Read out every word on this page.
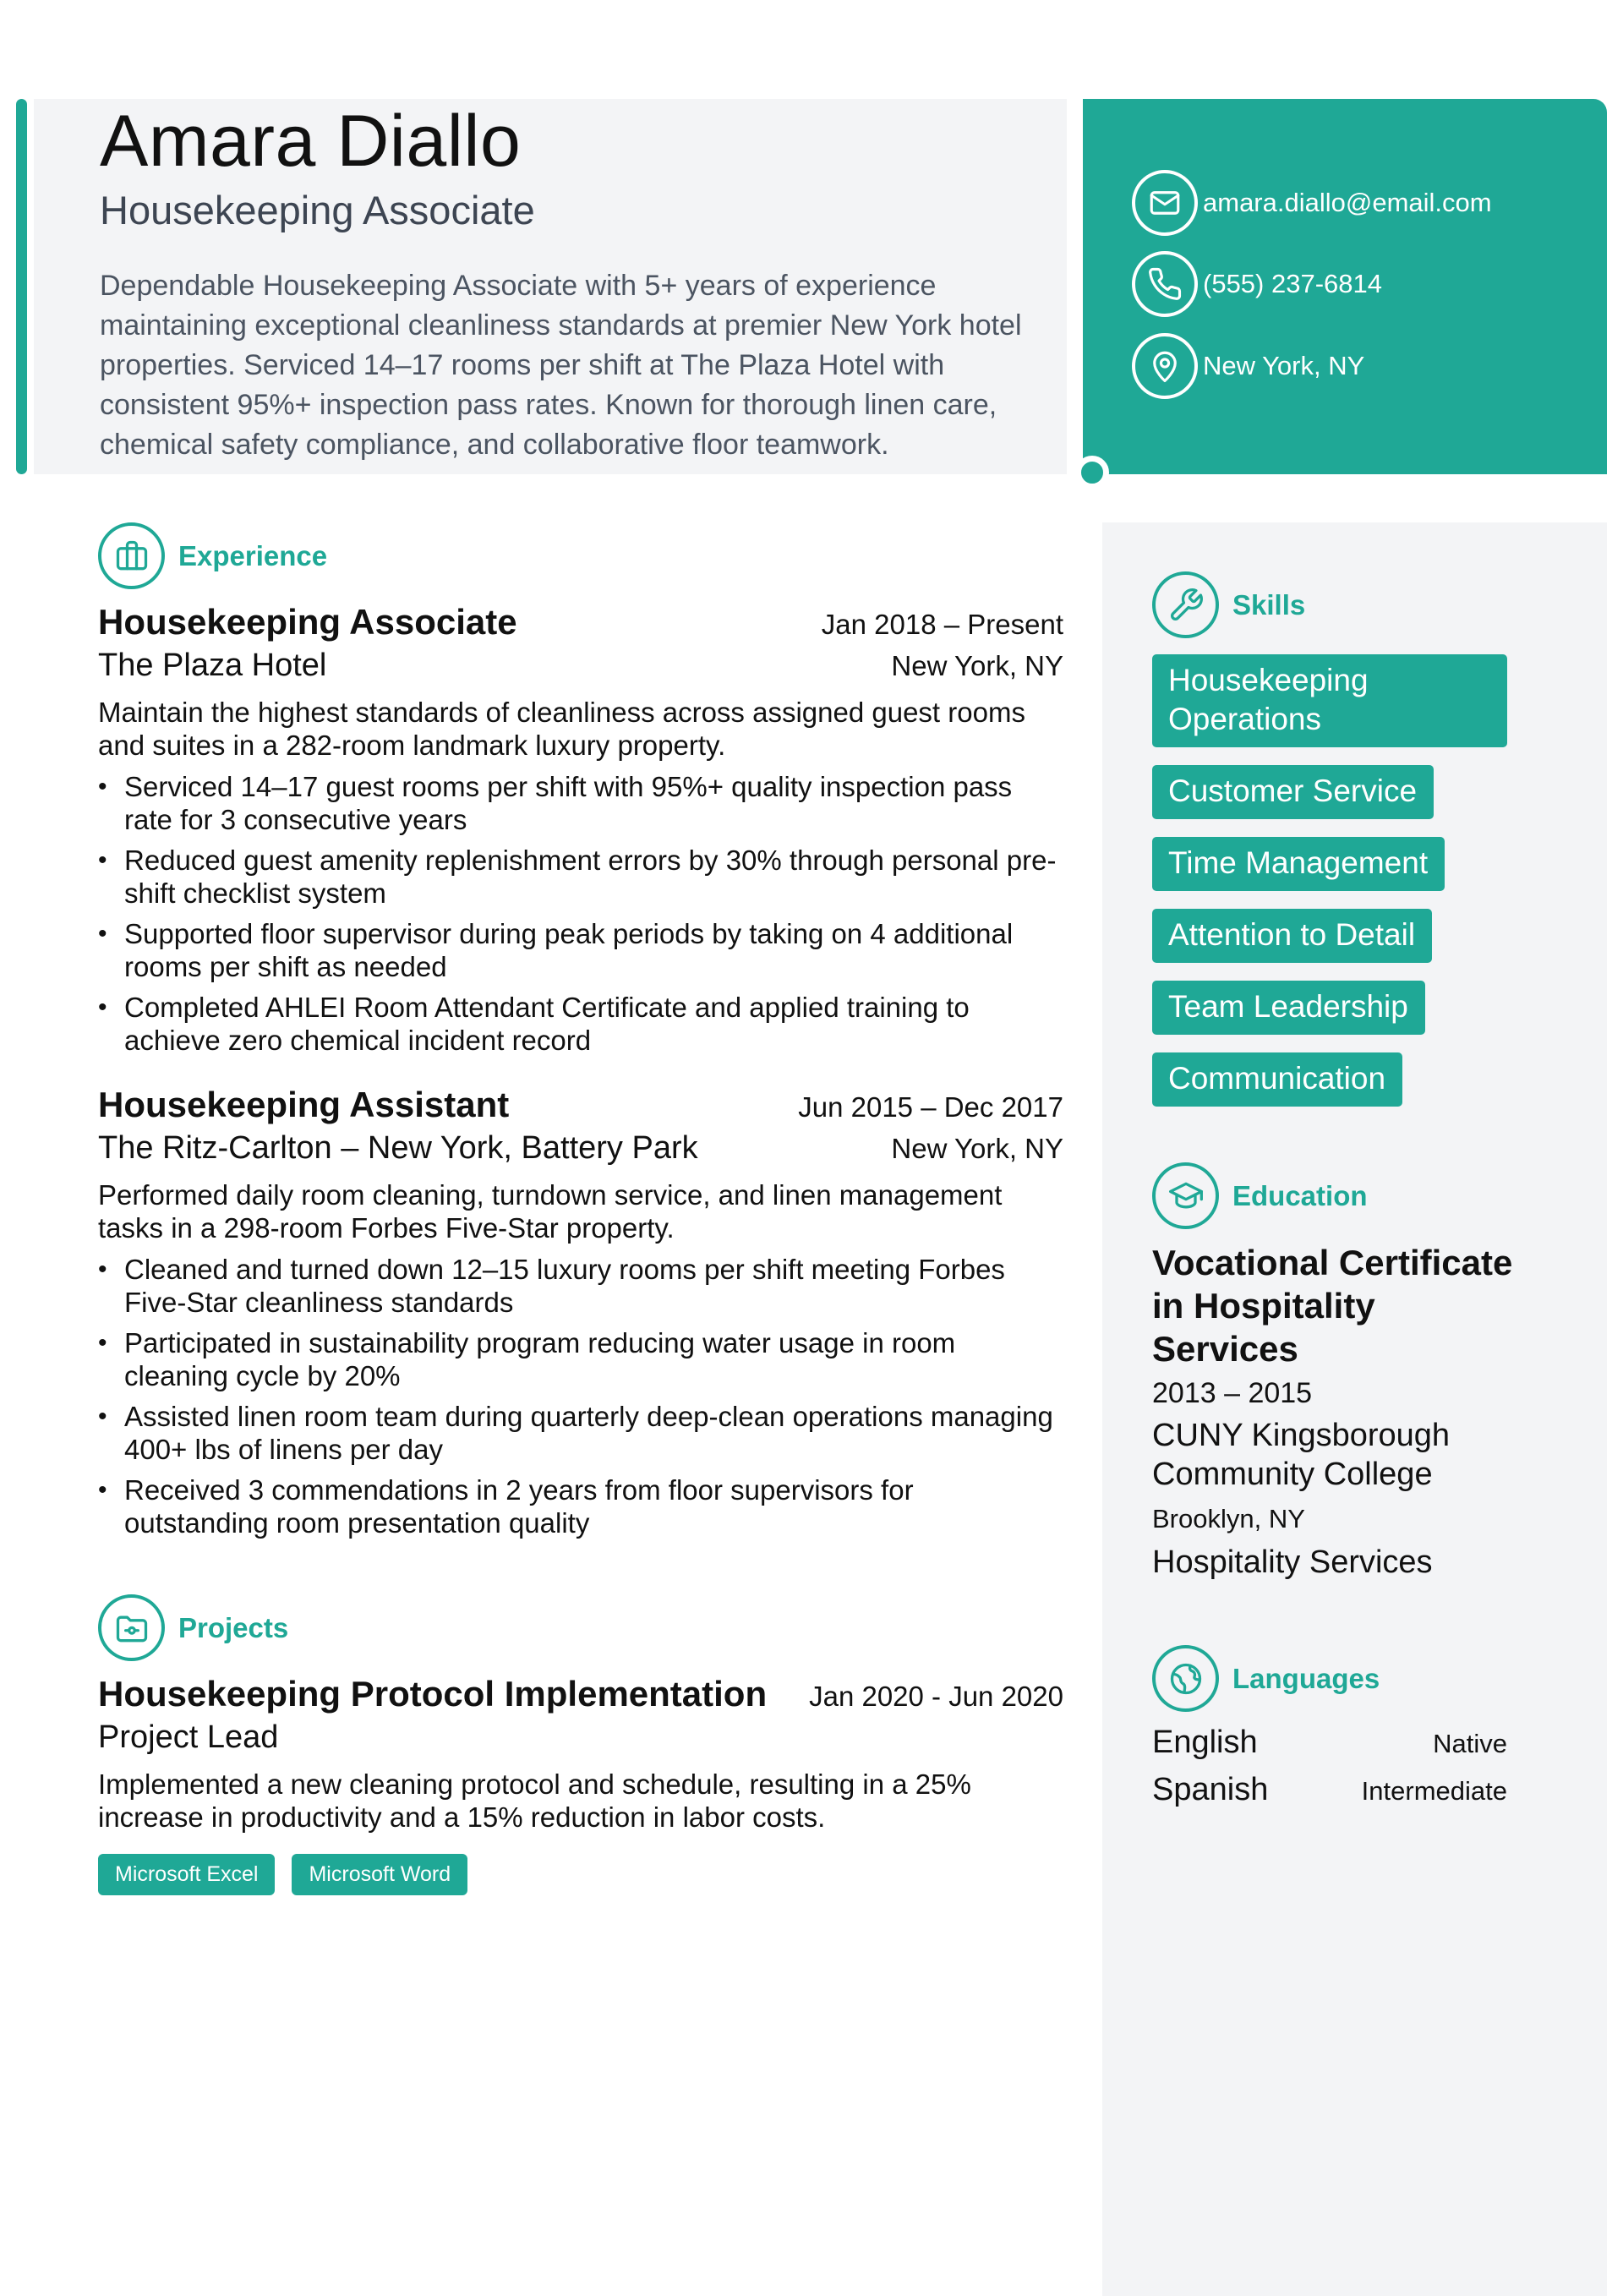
Amara Diallo
Housekeeping Associate

Dependable Housekeeping Associate with 5+ years of experience maintaining exceptional cleanliness standards at premier New York hotel properties. Serviced 14–17 rooms per shift at The Plaza Hotel with consistent 95%+ inspection pass rates. Known for thorough linen care, chemical safety compliance, and collaborative floor teamwork.

amara.diallo@email.com
(555) 237-6814
New York, NY
Experience
Housekeeping Associate	Jan 2018 – Present
The Plaza Hotel	New York, NY

Maintain the highest standards of cleanliness across assigned guest rooms and suites in a 282-room landmark luxury property.

• Serviced 14–17 guest rooms per shift with 95%+ quality inspection pass rate for 3 consecutive years
• Reduced guest amenity replenishment errors by 30% through personal pre-shift checklist system
• Supported floor supervisor during peak periods by taking on 4 additional rooms per shift as needed
• Completed AHLEI Room Attendant Certificate and applied training to achieve zero chemical incident record
Housekeeping Assistant	Jun 2015 – Dec 2017
The Ritz-Carlton – New York, Battery Park	New York, NY

Performed daily room cleaning, turndown service, and linen management tasks in a 298-room Forbes Five-Star property.

• Cleaned and turned down 12–15 luxury rooms per shift meeting Forbes Five-Star cleanliness standards
• Participated in sustainability program reducing water usage in room cleaning cycle by 20%
• Assisted linen room team during quarterly deep-clean operations managing 400+ lbs of linens per day
• Received 3 commendations in 2 years from floor supervisors for outstanding room presentation quality
Projects
Housekeeping Protocol Implementation Jan 2020 - Jun 2020
Project Lead

Implemented a new cleaning protocol and schedule, resulting in a 25% increase in productivity and a 15% reduction in labor costs.

Microsoft Excel	Microsoft Word
Skills
Housekeeping Operations
Customer Service
Time Management
Attention to Detail
Team Leadership
Communication
Education
Vocational Certificate in Hospitality Services
2013 – 2015
CUNY Kingsborough Community College
Brooklyn, NY
Hospitality Services
Languages
English	Native
Spanish	Intermediate
